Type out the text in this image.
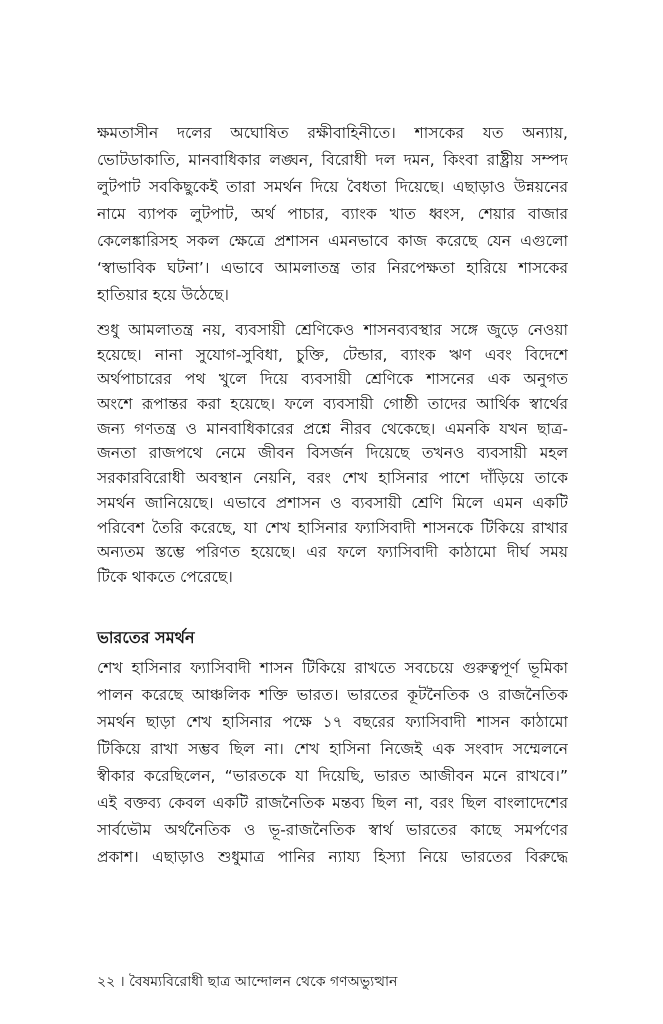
ক্ষমতাসীন দলের অঘোষিত রক্ষীবাহিনীতে। শাসকের যত অন্যায়,
ভোটডাকাতি, মানবাধিকার লঙ্ঘন, বিরোধী দল দমন, কিংবা রাষ্ট্রীয় সম্পদ
লুটপাট সবকিছুকেই তারা সমর্থন দিয়ে বৈধতা দিয়েছে। এছাড়াও উন্নয়নের
নামে ব্যাপক লুটপাট, অর্থ পাচার, ব্যাংক খাত ধ্বংস, শেয়ার বাজার
কেলেঙ্কারিসহ সকল ক্ষেত্রে প্রশাসন এমনভাবে কাজ করেছে যেন এগুলো
‘স্বাভাবিক ঘটনা’। এভাবে আমলাতন্ত্র তার নিরপেক্ষতা হারিয়ে শাসকের
হাতিয়ার হয়ে উঠেছে।
শুধু আমলাতন্ত্র নয়, ব্যবসায়ী শ্রেণিকেও শাসনব্যবস্থার সঙ্গে জুড়ে নেওয়া
হয়েছে। নানা সুযোগ-সুবিধা, চুক্তি, টেন্ডার, ব্যাংক ঋণ এবং বিদেশে
অর্থপাচারের পথ খুলে দিয়ে ব্যবসায়ী শ্রেণিকে শাসনের এক অনুগত
অংশে রূপান্তর করা হয়েছে। ফলে ব্যবসায়ী গোষ্ঠী তাদের আর্থিক স্বার্থের
জন্য গণতন্ত্র ও মানবাধিকারের প্রশ্নে নীরব থেকেছে। এমনকি যখন ছাত্র-
জনতা রাজপথে নেমে জীবন বিসর্জন দিয়েছে তখনও ব্যবসায়ী মহল
সরকারবিরোধী অবস্থান নেয়নি, বরং শেখ হাসিনার পাশে দাঁড়িয়ে তাকে
সমর্থন জানিয়েছে। এভাবে প্রশাসন ও ব্যবসায়ী শ্রেণি মিলে এমন একটি
পরিবেশ তৈরি করেছে, যা শেখ হাসিনার ফ্যাসিবাদী শাসনকে টিকিয়ে রাখার
অন্যতম স্তম্ভে পরিণত হয়েছে। এর ফলে ফ্যাসিবাদী কাঠামো দীর্ঘ সময়
টিকে থাকতে পেরেছে।
ভারতের সমর্থন
শেখ হাসিনার ফ্যাসিবাদী শাসন টিকিয়ে রাখতে সবচেয়ে গুরুত্বপূর্ণ ভূমিকা
পালন করেছে আঞ্চলিক শক্তি ভারত। ভারতের কূটনৈতিক ও রাজনৈতিক
সমর্থন ছাড়া শেখ হাসিনার পক্ষে ১৭ বছরের ফ্যাসিবাদী শাসন কাঠামো
টিকিয়ে রাখা সম্ভব ছিল না। শেখ হাসিনা নিজেই এক সংবাদ সম্মেলনে
স্বীকার করেছিলেন, “ভারতকে যা দিয়েছি, ভারত আজীবন মনে রাখবে।”
এই বক্তব্য কেবল একটি রাজনৈতিক মন্তব্য ছিল না, বরং ছিল বাংলাদেশের
সার্বভৌম অর্থনৈতিক ও ভূ-রাজনৈতিক স্বার্থ ভারতের কাছে সমর্পণের
প্রকাশ। এছাড়াও শুধুমাত্র পানির ন্যায্য হিস্যা নিয়ে ভারতের বিরুদ্ধে
২২ । বৈষম্যবিরোধী ছাত্র আন্দোলন থেকে গণঅভ্যুত্থান
